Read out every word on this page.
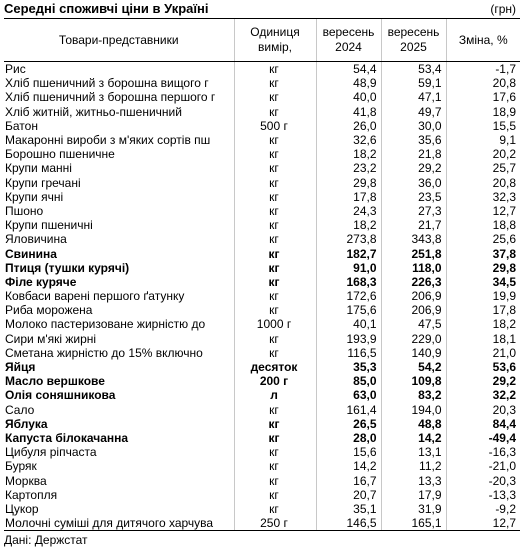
Середні споживчі ціни в Україні	(грн)
Товари-представники	Одиниця вимір,	вересень 2024	вересень 2025	Зміна, %
Рис	кг	54,4	53,4	-1,7
Хліб пшеничний з борошна вищого г	кг	48,9	59,1	20,8
Хліб пшеничний з борошна першого г	кг	40,0	47,1	17,6
Хліб житній, житньо-пшеничний	кг	41,8	49,7	18,9
Батон	500 г	26,0	30,0	15,5
Макаронні вироби з м'яких сортів пш	кг	32,6	35,6	9,1
Борошно пшеничне	кг	18,2	21,8	20,2
Крупи манні	кг	23,2	29,2	25,7
Крупи гречані	кг	29,8	36,0	20,8
Крупи ячні	кг	17,8	23,5	32,3
Пшоно	кг	24,3	27,3	12,7
Крупи пшеничні	кг	18,2	21,7	18,8
Яловичина	кг	273,8	343,8	25,6
Свинина	кг	182,7	251,8	37,8
Птиця (тушки курячі)	кг	91,0	118,0	29,8
Філе куряче	кг	168,3	226,3	34,5
Ковбаси варені першого ґатунку	кг	172,6	206,9	19,9
Риба морожена	кг	175,6	206,9	17,8
Молоко пастеризоване жирністю до	1000 г	40,1	47,5	18,2
Сири м'які жирні	кг	193,9	229,0	18,1
Сметана жирністю до 15% включно	кг	116,5	140,9	21,0
Яйця	десяток	35,3	54,2	53,6
Масло вершкове	200 г	85,0	109,8	29,2
Олія соняшникова	л	63,0	83,2	32,2
Сало	кг	161,4	194,0	20,3
Яблука	кг	26,5	48,8	84,4
Капуста білокачанна	кг	28,0	14,2	-49,4
Цибуля ріпчаста	кг	15,6	13,1	-16,3
Буряк	кг	14,2	11,2	-21,0
Морква	кг	16,7	13,3	-20,3
Картопля	кг	20,7	17,9	-13,3
Цукор	кг	35,1	31,9	-9,2
Молочні суміші для дитячого харчува	250 г	146,5	165,1	12,7
Дані: Держстат
